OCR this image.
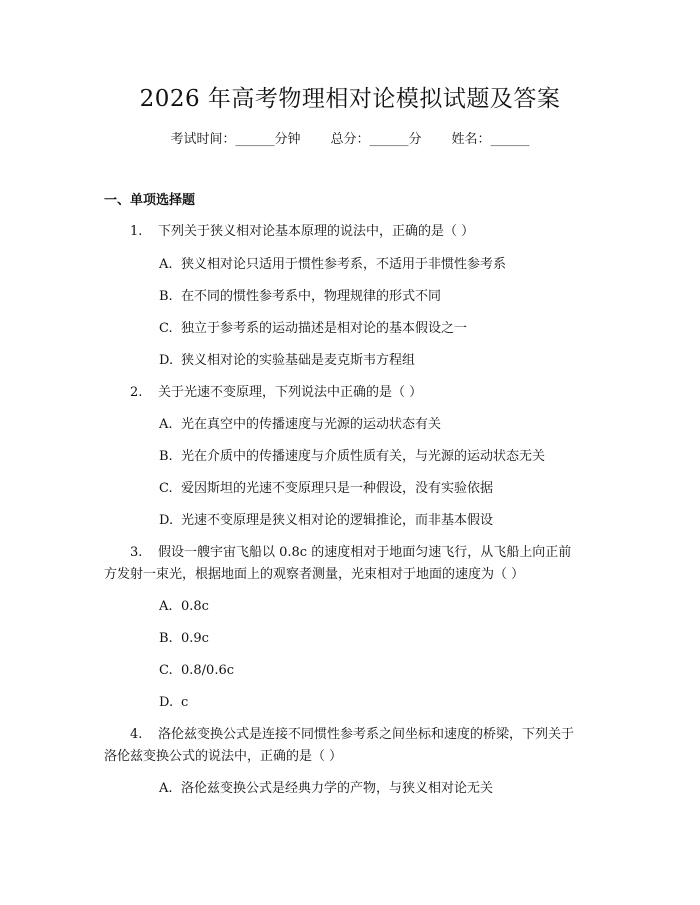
2026 年高考物理相对论模拟试题及答案
考试时间：______分钟 总分：______分 姓名：______
一、单项选择题
1. 下列关于狭义相对论基本原理的说法中，正确的是（ ）
A. 狭义相对论只适用于惯性参考系，不适用于非惯性参考系
B. 在不同的惯性参考系中，物理规律的形式不同
C. 独立于参考系的运动描述是相对论的基本假设之一
D. 狭义相对论的实验基础是麦克斯韦方程组
2. 关于光速不变原理，下列说法中正确的是（ ）
A. 光在真空中的传播速度与光源的运动状态有关
B. 光在介质中的传播速度与介质性质有关，与光源的运动状态无关
C. 爱因斯坦的光速不变原理只是一种假设，没有实验依据
D. 光速不变原理是狭义相对论的逻辑推论，而非基本假设
3. 假设一艘宇宙飞船以 0.8c 的速度相对于地面匀速飞行，从飞船上向正前
方发射一束光，根据地面上的观察者测量，光束相对于地面的速度为（ ）
A. 0.8c
B. 0.9c
C. 0.8/0.6c
D. c
4. 洛伦兹变换公式是连接不同惯性参考系之间坐标和速度的桥梁，下列关于
洛伦兹变换公式的说法中，正确的是（ ）
A. 洛伦兹变换公式是经典力学的产物，与狭义相对论无关
